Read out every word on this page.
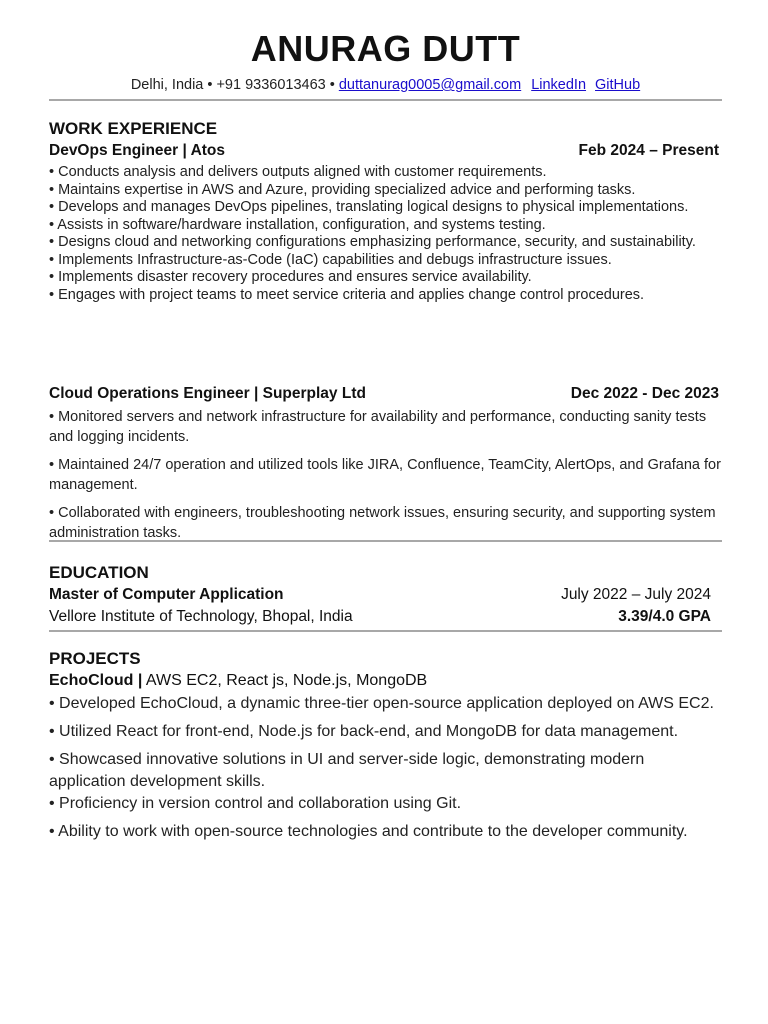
ANURAG DUTT
Delhi, India • +91 9336013463 • duttanurag0005@gmail.com LinkedIn GitHub
WORK EXPERIENCE
DevOps Engineer | Atos	Feb 2024 – Present
• Conducts analysis and delivers outputs aligned with customer requirements.
• Maintains expertise in AWS and Azure, providing specialized advice and performing tasks.
• Develops and manages DevOps pipelines, translating logical designs to physical implementations.
• Assists in software/hardware installation, configuration, and systems testing.
• Designs cloud and networking configurations emphasizing performance, security, and sustainability.
• Implements Infrastructure-as-Code (IaC) capabilities and debugs infrastructure issues.
• Implements disaster recovery procedures and ensures service availability.
• Engages with project teams to meet service criteria and applies change control procedures.
Cloud Operations Engineer | Superplay Ltd	Dec 2022 - Dec 2023
• Monitored servers and network infrastructure for availability and performance, conducting sanity tests and logging incidents.
• Maintained 24/7 operation and utilized tools like JIRA, Confluence, TeamCity, AlertOps, and Grafana for management.
• Collaborated with engineers, troubleshooting network issues, ensuring security, and supporting system administration tasks.
EDUCATION
Master of Computer Application	July 2022 – July 2024
Vellore Institute of Technology, Bhopal, India	3.39/4.0 GPA
PROJECTS
EchoCloud | AWS EC2, React js, Node.js, MongoDB
• Developed EchoCloud, a dynamic three-tier open-source application deployed on AWS EC2.
• Utilized React for front-end, Node.js for back-end, and MongoDB for data management.
• Showcased innovative solutions in UI and server-side logic, demonstrating modern application development skills.
• Proficiency in version control and collaboration using Git.
• Ability to work with open-source technologies and contribute to the developer community.
